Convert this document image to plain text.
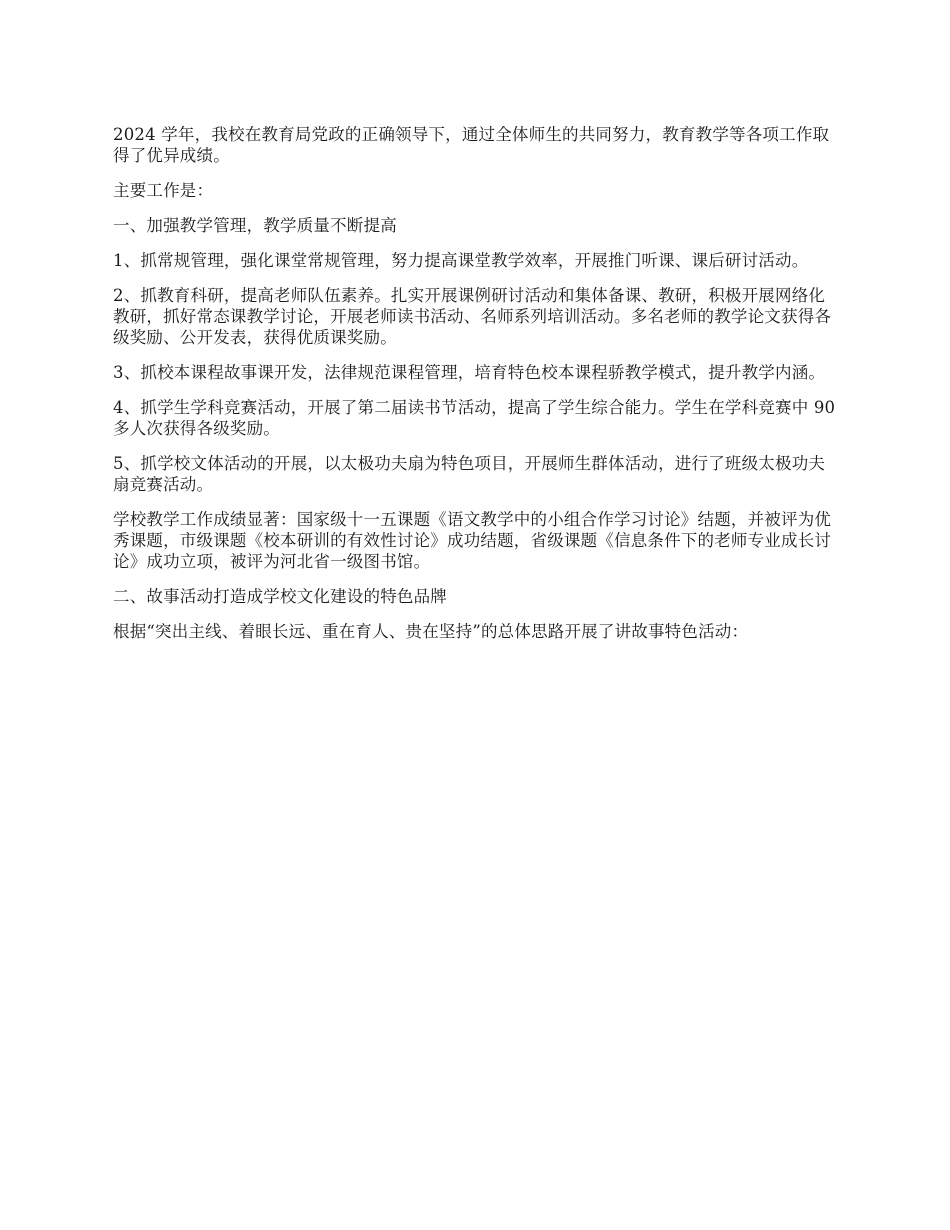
2024 学年，我校在教育局党政的正确领导下，通过全体师生的共同努力，教育教学等各项工作取得了优异成绩。

主要工作是：

一、加强教学管理，教学质量不断提高

1、抓常规管理，强化课堂常规管理，努力提高课堂教学效率，开展推门听课、课后研讨活动。

2、抓教育科研，提高老师队伍素养。扎实开展课例研讨活动和集体备课、教研，积极开展网络化教研，抓好常态课教学讨论，开展老师读书活动、名师系列培训活动。多名老师的教学论文获得各级奖励、公开发表，获得优质课奖励。

3、抓校本课程故事课开发，法律规范课程管理，培育特色校本课程骄教学模式，提升教学内涵。

4、抓学生学科竞赛活动，开展了第二届读书节活动，提高了学生综合能力。学生在学科竞赛中 90 多人次获得各级奖励。

5、抓学校文体活动的开展，以太极功夫扇为特色项目，开展师生群体活动，进行了班级太极功夫扇竞赛活动。

学校教学工作成绩显著：国家级十一五课题《语文教学中的小组合作学习讨论》结题，并被评为优秀课题，市级课题《校本研训的有效性讨论》成功结题，省级课题《信息条件下的老师专业成长讨论》成功立项，被评为河北省一级图书馆。

二、故事活动打造成学校文化建设的特色品牌

根据“突出主线、着眼长远、重在育人、贵在坚持”的总体思路开展了讲故事特色活动：
